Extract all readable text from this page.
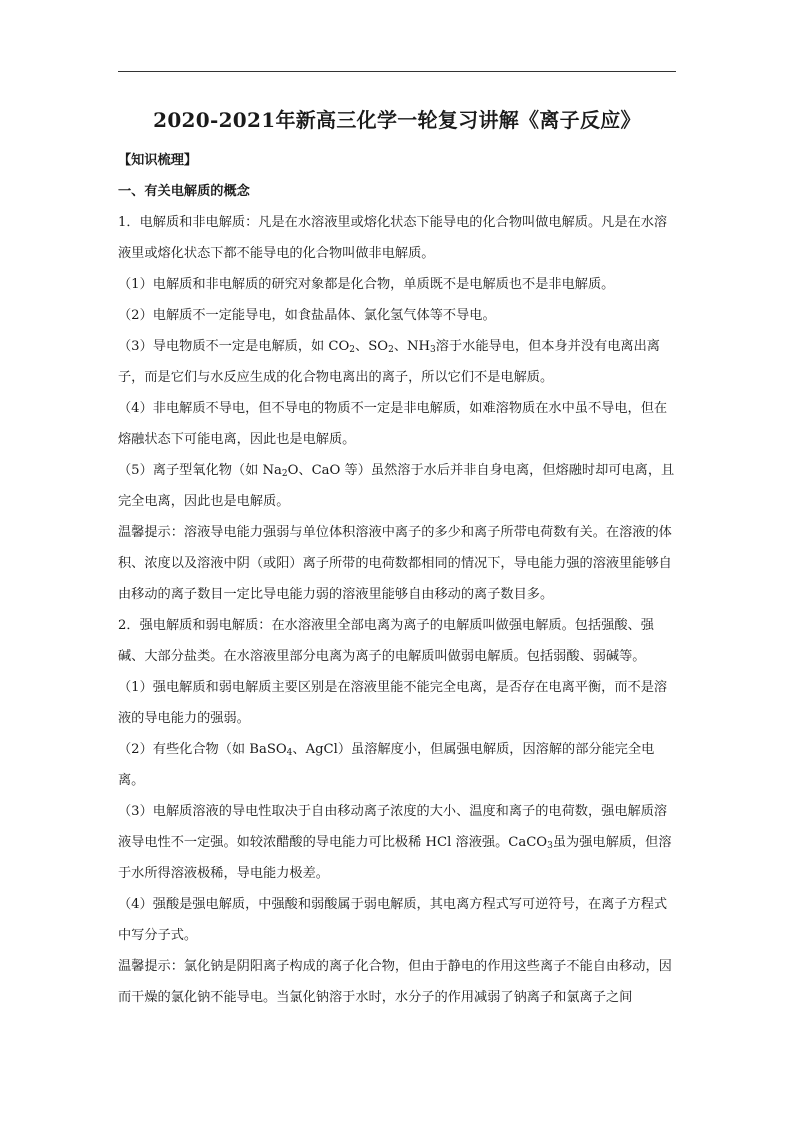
2020-2021年新高三化学一轮复习讲解《离子反应》

【知识梳理】

一、有关电解质的概念

1．电解质和非电解质：凡是在水溶液里或熔化状态下能导电的化合物叫做电解质。凡是在水溶液里或熔化状态下都不能导电的化合物叫做非电解质。

（1）电解质和非电解质的研究对象都是化合物，单质既不是电解质也不是非电解质。

（2）电解质不一定能导电，如食盐晶体、氯化氢气体等不导电。

（3）导电物质不一定是电解质，如 $CO_2$、$SO_2$、$NH_3$溶于水能导电，但本身并没有电离出离子，而是它们与水反应生成的化合物电离出的离子，所以它们不是电解质。

（4）非电解质不导电，但不导电的物质不一定是非电解质，如难溶物质在水中虽不导电，但在熔融状态下可能电离，因此也是电解质。

（5）离子型氧化物（如 $Na_2O$、CaO 等）虽然溶于水后并非自身电离，但熔融时却可电离，且完全电离，因此也是电解质。

温馨提示：溶液导电能力强弱与单位体积溶液中离子的多少和离子所带电荷数有关。在溶液的体积、浓度以及溶液中阴（或阳）离子所带的电荷数都相同的情况下，导电能力强的溶液里能够自由移动的离子数目一定比导电能力弱的溶液里能够自由移动的离子数目多。

2．强电解质和弱电解质：在水溶液里全部电离为离子的电解质叫做强电解质。包括强酸、强碱、大部分盐类。在水溶液里部分电离为离子的电解质叫做弱电解质。包括弱酸、弱碱等。

（1）强电解质和弱电解质主要区别是在溶液里能不能完全电离，是否存在电离平衡，而不是溶液的导电能力的强弱。

（2）有些化合物（如 BaSO$_4$、AgCl）虽溶解度小，但属强电解质，因溶解的部分能完全电离。

（3）电解质溶液的导电性取决于自由移动离子浓度的大小、温度和离子的电荷数，强电解质溶液导电性不一定强。如较浓醋酸的导电能力可比极稀 HCl 溶液强。CaCO$_3$虽为强电解质，但溶于水所得溶液极稀，导电能力极差。

（4）强酸是强电解质，中强酸和弱酸属于弱电解质，其电离方程式写可逆符号，在离子方程式中写分子式。

温馨提示：氯化钠是阴阳离子构成的离子化合物，但由于静电的作用这些离子不能自由移动，因而干燥的氯化钠不能导电。当氯化钠溶于水时，水分子的作用减弱了钠离子和氯离子之间
